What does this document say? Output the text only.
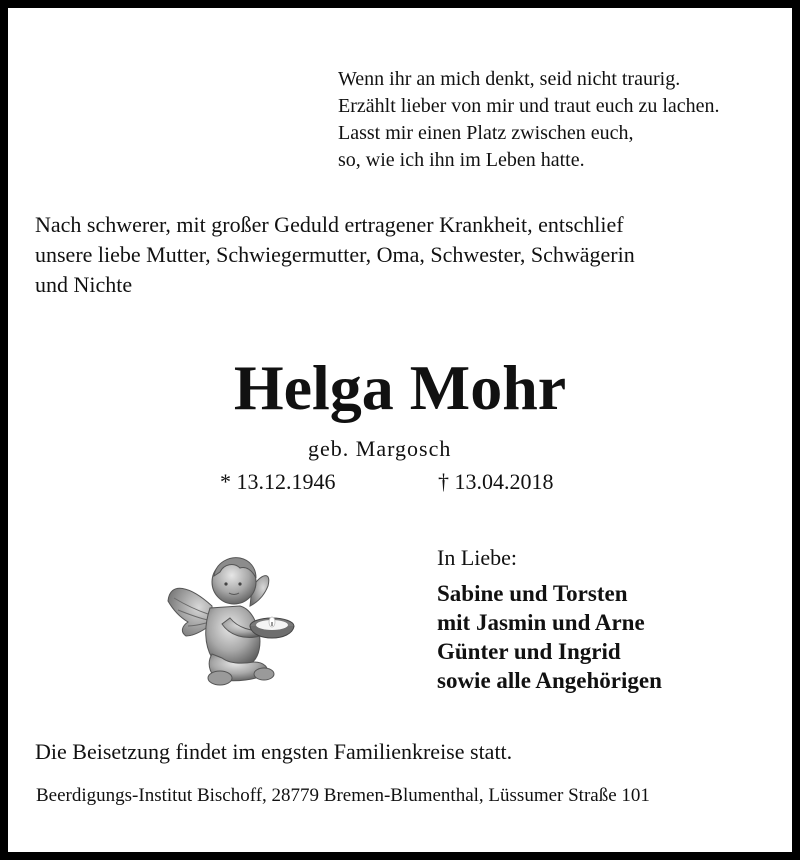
Wenn ihr an mich denkt, seid nicht traurig.
Erzählt lieber von mir und traut euch zu lachen.
Lasst mir einen Platz zwischen euch,
so, wie ich ihn im Leben hatte.
Nach schwerer, mit großer Geduld ertragener Krankheit, entschlief
unsere liebe Mutter, Schwiegermutter, Oma, Schwester, Schwägerin
und Nichte
Helga Mohr
geb. Margosch
* 13.12.1946	† 13.04.2018
In Liebe:
Sabine und Torsten
mit Jasmin und Arne
Günter und Ingrid
sowie alle Angehörigen
Die Beisetzung findet im engsten Familienkreise statt.
Beerdigungs-Institut Bischoff, 28779 Bremen-Blumenthal, Lüssumer Straße 101
